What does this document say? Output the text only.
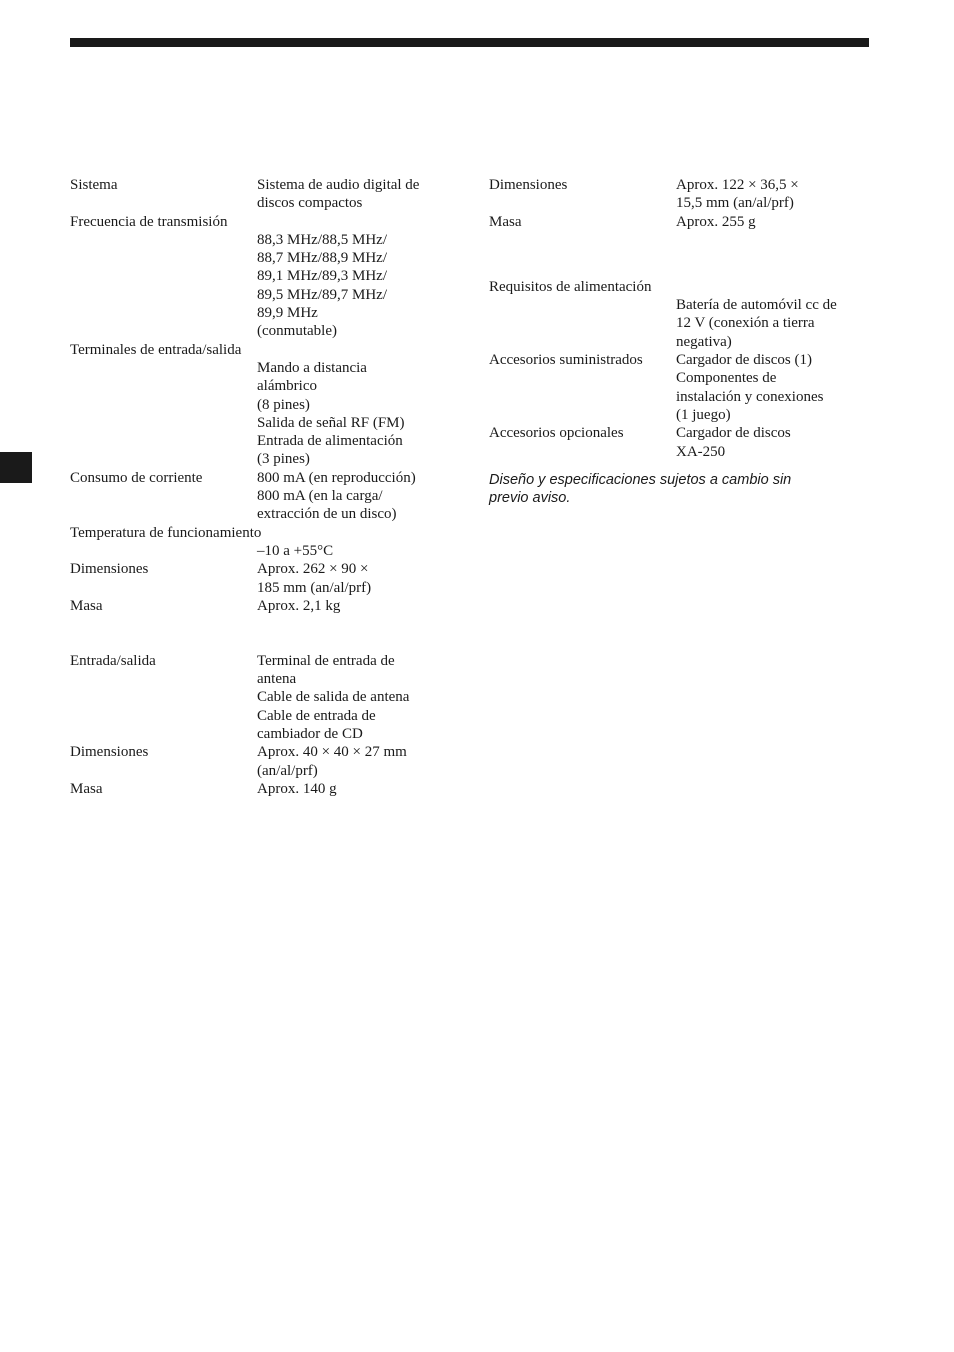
Sistema	Sistema de audio digital de
discos compactos
Frecuencia de transmisión
88,3 MHz/88,5 MHz/
88,7 MHz/88,9 MHz/
89,1 MHz/89,3 MHz/
89,5 MHz/89,7 MHz/
89,9 MHz
(conmutable)
Terminales de entrada/salida
Mando a distancia
alámbrico
(8 pines)
Salida de señal RF (FM)
Entrada de alimentación
(3 pines)
Consumo de corriente	800 mA (en reproducción)
800 mA (en la carga/
extracción de un disco)
Temperatura de funcionamiento
–10 a +55°C
Dimensiones	Aprox. 262 × 90 ×
185 mm (an/al/prf)
Masa	Aprox. 2,1 kg
Entrada/salida	Terminal de entrada de
antena
Cable de salida de antena
Cable de entrada de
cambiador de CD
Dimensiones	Aprox. 40 × 40 × 27 mm
(an/al/prf)
Masa	Aprox. 140 g
Dimensiones	Aprox. 122 × 36,5 ×
15,5 mm (an/al/prf)
Masa	Aprox. 255 g
Requisitos de alimentación
Batería de automóvil cc de
12 V (conexión a tierra
negativa)
Accesorios suministrados	Cargador de discos (1)
Componentes de
instalación y conexiones
(1 juego)
Accesorios opcionales	Cargador de discos
XA-250
Diseño y especificaciones sujetos a cambio sin
previo aviso.
